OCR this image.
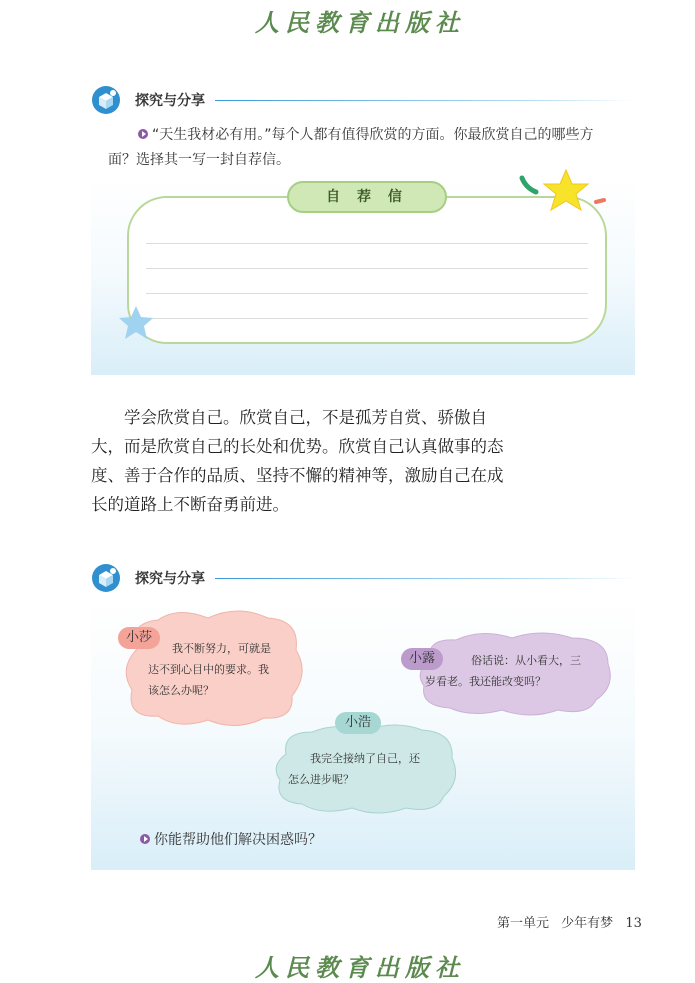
人民教育出版社
探究与分享
“天生我材必有用。”每个人都有值得欣赏的方面。你最欣赏自己的哪些方
面？选择其一写一封自荐信。
自 荐 信
学会欣赏自己。欣赏自己，不是孤芳自赏、骄傲自
大，而是欣赏自己的长处和优势。欣赏自己认真做事的态
度、善于合作的品质、坚持不懈的精神等，激励自己在成
长的道路上不断奋勇前进。
探究与分享
小莎
我不断努力，可就是
达不到心目中的要求。我
该怎么办呢？
小露	俗话说：从小看大，三
岁看老。我还能改变吗？
小浩
我完全接纳了自己，还
怎么进步呢？
你能帮助他们解决困惑吗？
第一单元 少年有梦 13
人民教育出版社
